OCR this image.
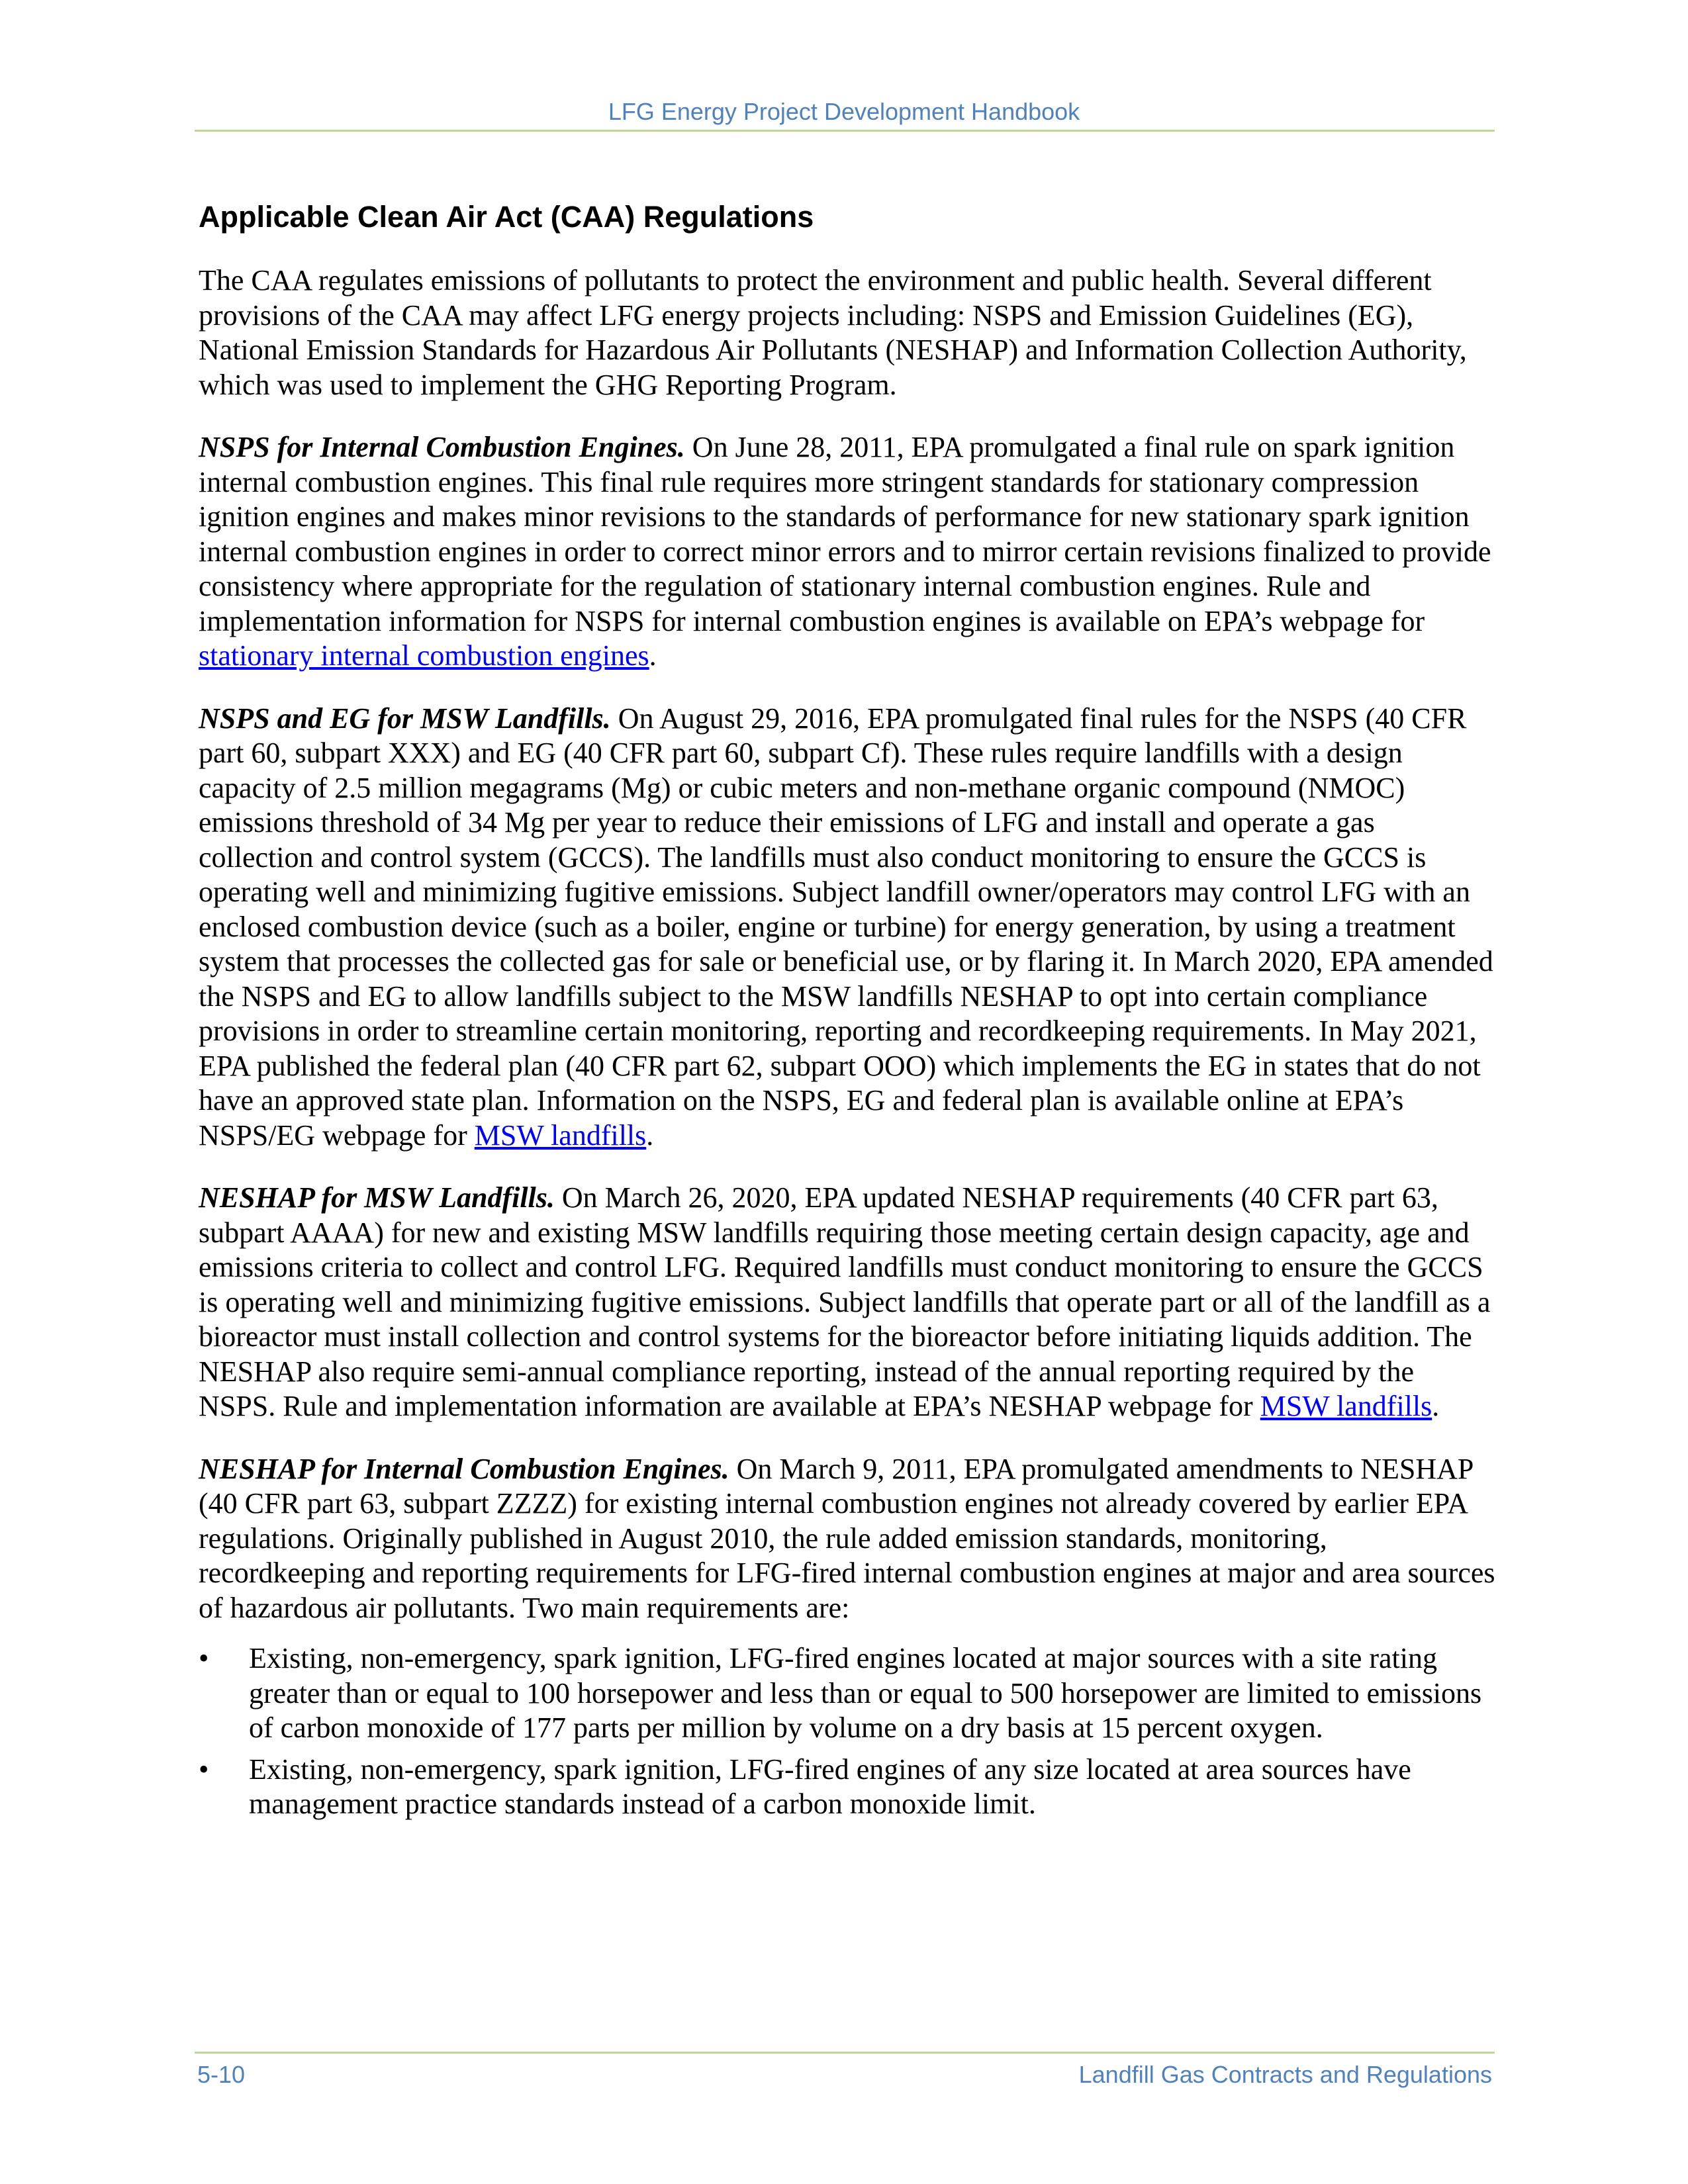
LFG Energy Project Development Handbook
Applicable Clean Air Act (CAA) Regulations

The CAA regulates emissions of pollutants to protect the environment and public health. Several different provisions of the CAA may affect LFG energy projects including: NSPS and Emission Guidelines (EG), National Emission Standards for Hazardous Air Pollutants (NESHAP) and Information Collection Authority, which was used to implement the GHG Reporting Program.

NSPS for Internal Combustion Engines. On June 28, 2011, EPA promulgated a final rule on spark ignition internal combustion engines. This final rule requires more stringent standards for stationary compression ignition engines and makes minor revisions to the standards of performance for new stationary spark ignition internal combustion engines in order to correct minor errors and to mirror certain revisions finalized to provide consistency where appropriate for the regulation of stationary internal combustion engines. Rule and implementation information for NSPS for internal combustion engines is available on EPA’s webpage for stationary internal combustion engines.

NSPS and EG for MSW Landfills. On August 29, 2016, EPA promulgated final rules for the NSPS (40 CFR part 60, subpart XXX) and EG (40 CFR part 60, subpart Cf). These rules require landfills with a design capacity of 2.5 million megagrams (Mg) or cubic meters and non-methane organic compound (NMOC) emissions threshold of 34 Mg per year to reduce their emissions of LFG and install and operate a gas collection and control system (GCCS). The landfills must also conduct monitoring to ensure the GCCS is operating well and minimizing fugitive emissions. Subject landfill owner/operators may control LFG with an enclosed combustion device (such as a boiler, engine or turbine) for energy generation, by using a treatment system that processes the collected gas for sale or beneficial use, or by flaring it. In March 2020, EPA amended the NSPS and EG to allow landfills subject to the MSW landfills NESHAP to opt into certain compliance provisions in order to streamline certain monitoring, reporting and recordkeeping requirements. In May 2021, EPA published the federal plan (40 CFR part 62, subpart OOO) which implements the EG in states that do not have an approved state plan. Information on the NSPS, EG and federal plan is available online at EPA’s NSPS/EG webpage for MSW landfills.

NESHAP for MSW Landfills. On March 26, 2020, EPA updated NESHAP requirements (40 CFR part 63, subpart AAAA) for new and existing MSW landfills requiring those meeting certain design capacity, age and emissions criteria to collect and control LFG. Required landfills must conduct monitoring to ensure the GCCS is operating well and minimizing fugitive emissions. Subject landfills that operate part or all of the landfill as a bioreactor must install collection and control systems for the bioreactor before initiating liquids addition. The NESHAP also require semi-annual compliance reporting, instead of the annual reporting required by the NSPS. Rule and implementation information are available at EPA’s NESHAP webpage for MSW landfills.

NESHAP for Internal Combustion Engines. On March 9, 2011, EPA promulgated amendments to NESHAP (40 CFR part 63, subpart ZZZZ) for existing internal combustion engines not already covered by earlier EPA regulations. Originally published in August 2010, the rule added emission standards, monitoring, recordkeeping and reporting requirements for LFG-fired internal combustion engines at major and area sources of hazardous air pollutants. Two main requirements are:

• Existing, non-emergency, spark ignition, LFG-fired engines located at major sources with a site rating greater than or equal to 100 horsepower and less than or equal to 500 horsepower are limited to emissions of carbon monoxide of 177 parts per million by volume on a dry basis at 15 percent oxygen.
• Existing, non-emergency, spark ignition, LFG-fired engines of any size located at area sources have management practice standards instead of a carbon monoxide limit.
5-10	Landfill Gas Contracts and Regulations
